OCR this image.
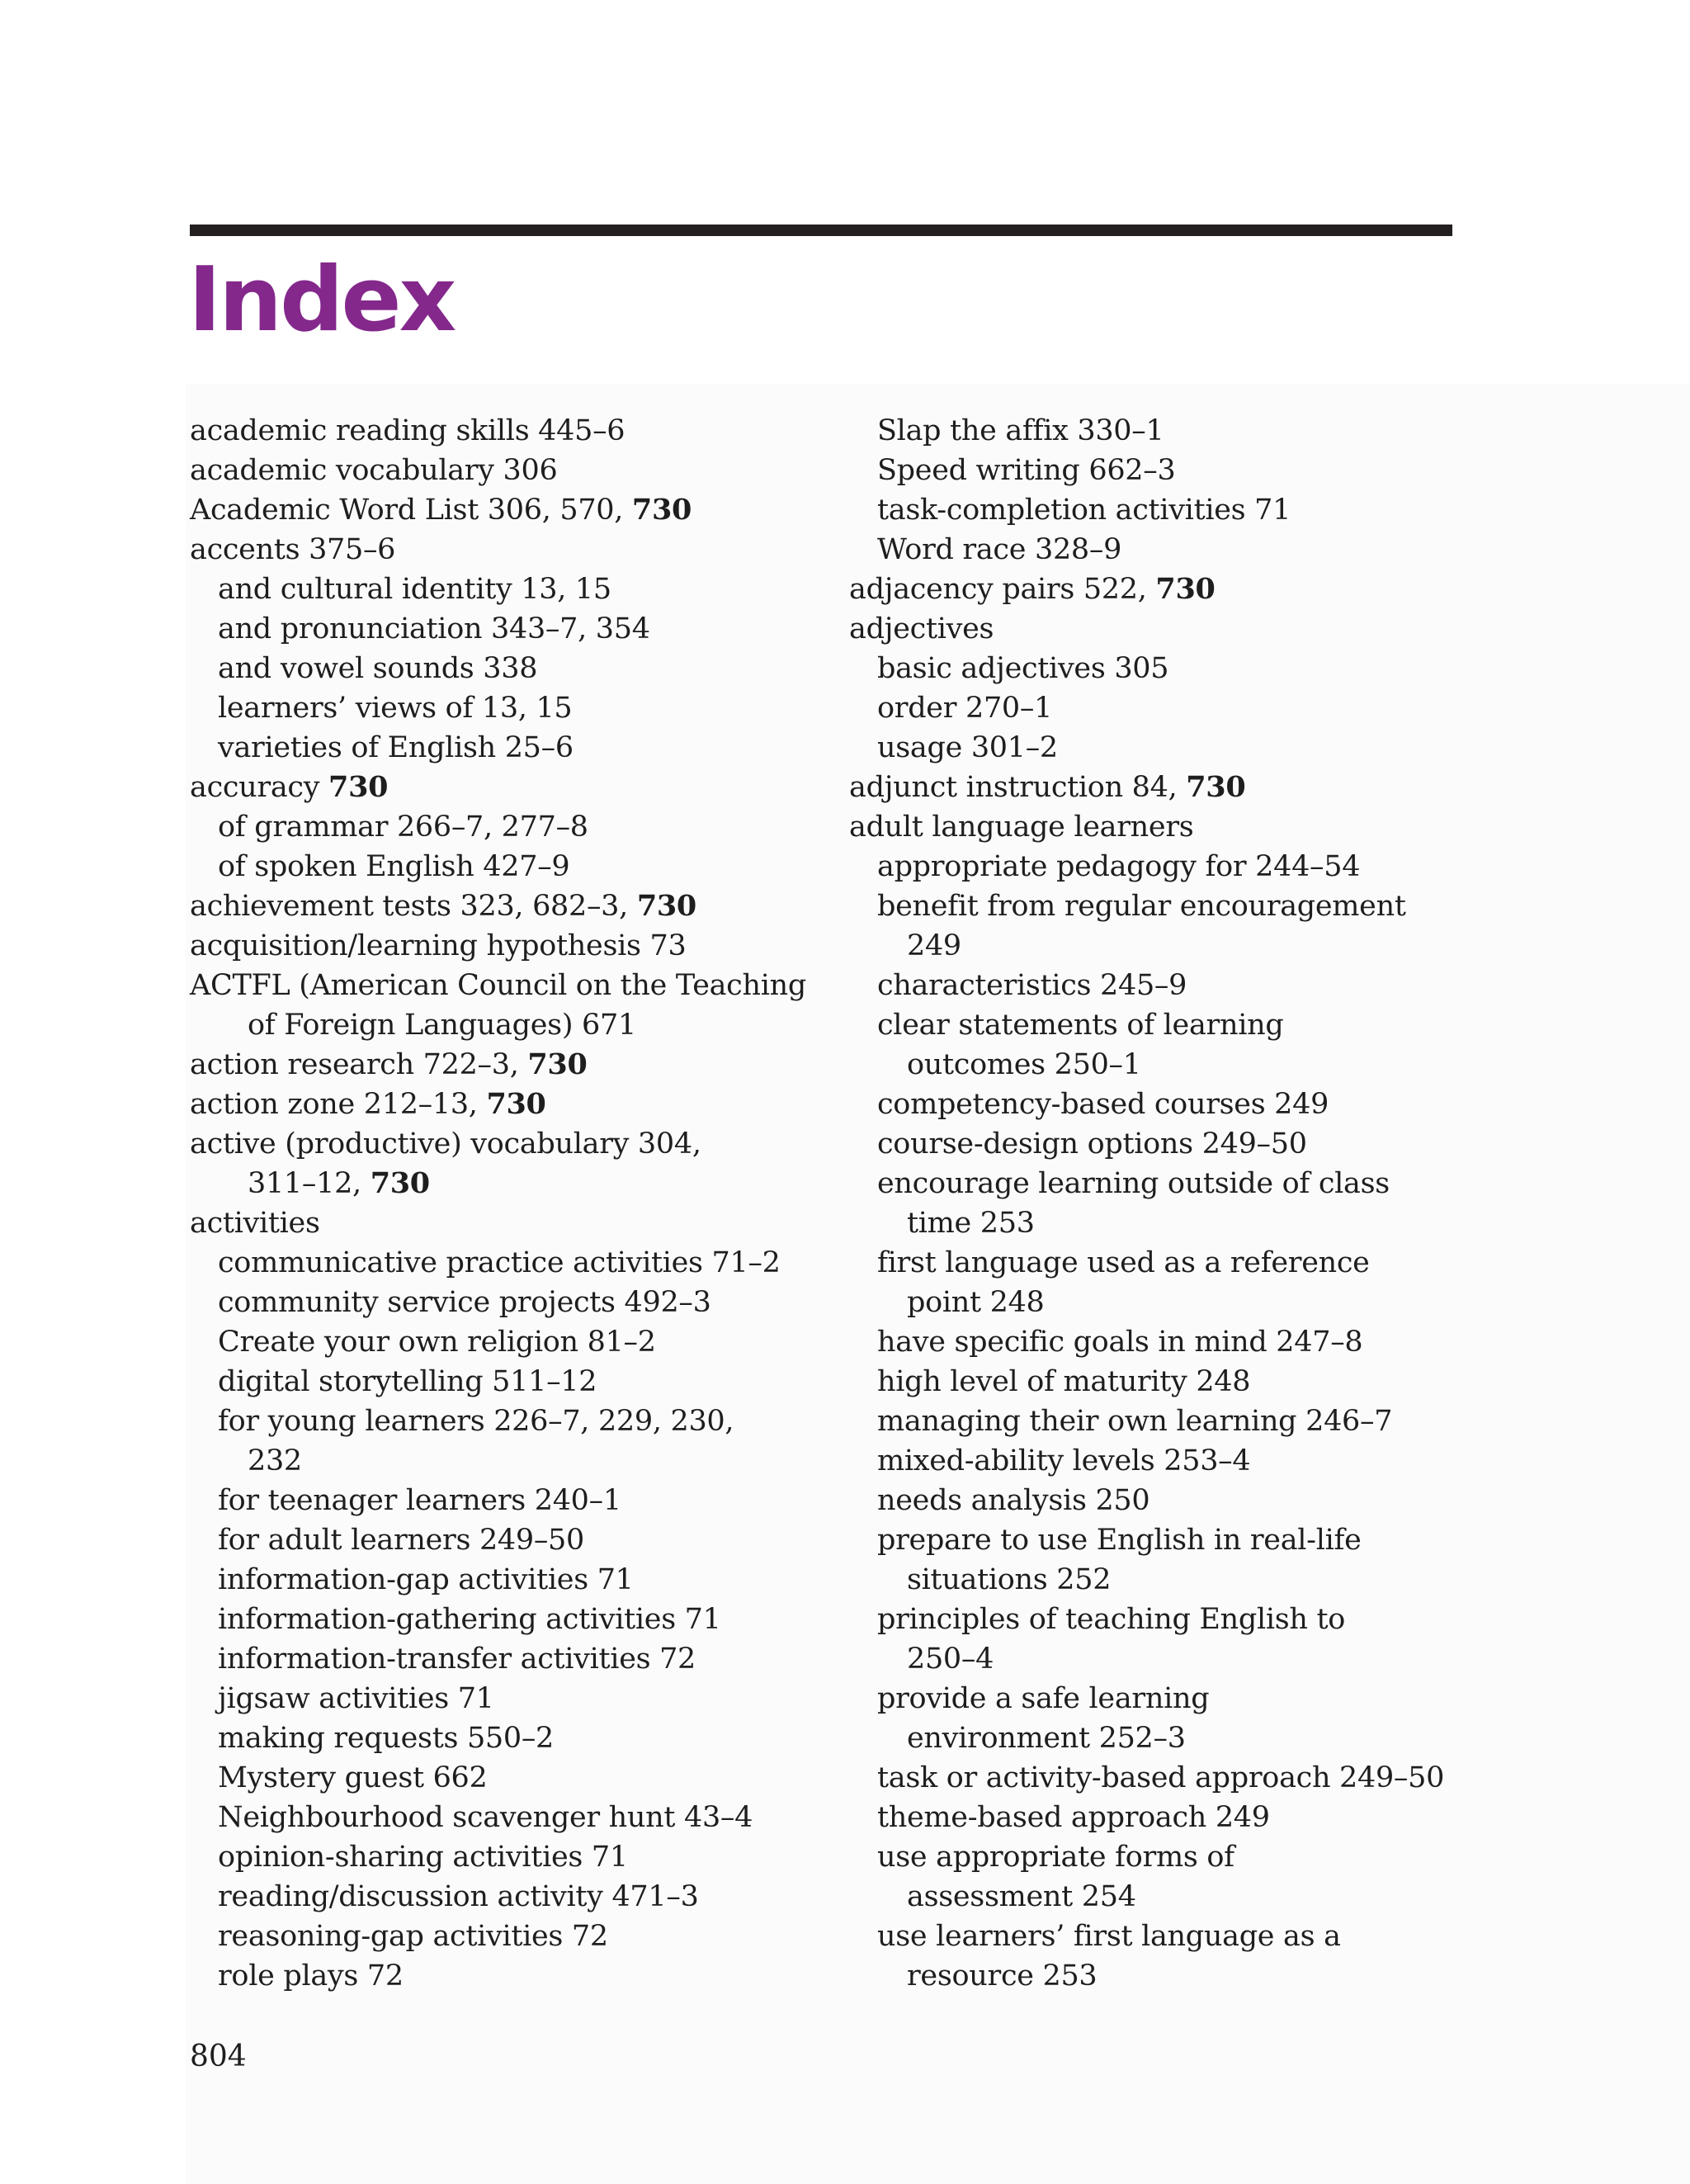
Index
academic reading skills 445–6
academic vocabulary 306
Academic Word List 306, 570, 730
accents 375–6
and cultural identity 13, 15
and pronunciation 343–7, 354
and vowel sounds 338
learners’ views of 13, 15
varieties of English 25–6
accuracy 730
of grammar 266–7, 277–8
of spoken English 427–9
achievement tests 323, 682–3, 730
acquisition/learning hypothesis 73
ACTFL (American Council on the Teaching
of Foreign Languages) 671
action research 722–3, 730
action zone 212–13, 730
active (productive) vocabulary 304,
311–12, 730
activities
communicative practice activities 71–2
community service projects 492–3
Create your own religion 81–2
digital storytelling 511–12
for young learners 226–7, 229, 230,
232
for teenager learners 240–1
for adult learners 249–50
information-gap activities 71
information-gathering activities 71
information-transfer activities 72
jigsaw activities 71
making requests 550–2
Mystery guest 662
Neighbourhood scavenger hunt 43–4
opinion-sharing activities 71
reading/discussion activity 471–3
reasoning-gap activities 72
role plays 72
Slap the affix 330–1
Speed writing 662–3
task-completion activities 71
Word race 328–9
adjacency pairs 522, 730
adjectives
basic adjectives 305
order 270–1
usage 301–2
adjunct instruction 84, 730
adult language learners
appropriate pedagogy for 244–54
benefit from regular encouragement
249
characteristics 245–9
clear statements of learning
outcomes 250–1
competency-based courses 249
course-design options 249–50
encourage learning outside of class
time 253
first language used as a reference
point 248
have specific goals in mind 247–8
high level of maturity 248
managing their own learning 246–7
mixed-ability levels 253–4
needs analysis 250
prepare to use English in real-life
situations 252
principles of teaching English to
250–4
provide a safe learning
environment 252–3
task or activity-based approach 249–50
theme-based approach 249
use appropriate forms of
assessment 254
use learners’ first language as a
resource 253
804
